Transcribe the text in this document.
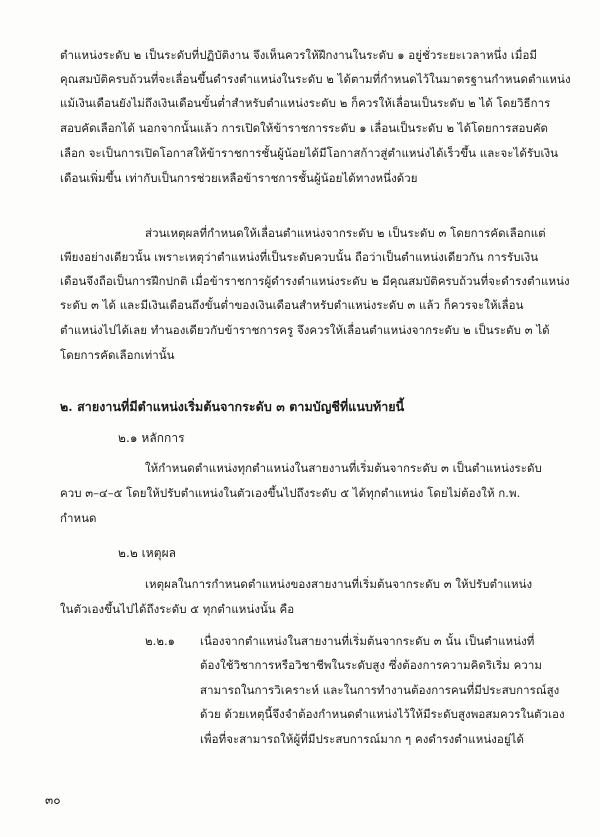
ตำแหน่งระดับ ๒ เป็นระดับที่ปฏิบัติงาน จึงเห็นควรให้ฝึกงานในระดับ ๑ อยู่ชั่วระยะเวลาหนึ่ง เมื่อมี
คุณสมบัติครบถ้วนที่จะเลื่อนขึ้นดำรงตำแหน่งในระดับ ๒ ได้ตามที่กำหนดไว้ในมาตรฐานกำหนดตำแหน่ง
แม้เงินเดือนยังไม่ถึงเงินเดือนขั้นต่ำสำหรับตำแหน่งระดับ ๒ ก็ควรให้เลื่อนเป็นระดับ ๒ ได้ โดยวิธีการ
สอบคัดเลือกได้ นอกจากนั้นแล้ว การเปิดให้ข้าราชการระดับ ๑ เลื่อนเป็นระดับ ๒ ได้โดยการสอบคัด
เลือก จะเป็นการเปิดโอกาสให้ข้าราชการชั้นผู้น้อยได้มีโอกาสก้าวสู่ตำแหน่งได้เร็วขึ้น และจะได้รับเงิน
เดือนเพิ่มขึ้น เท่ากับเป็นการช่วยเหลือข้าราชการชั้นผู้น้อยได้ทางหนึ่งด้วย
ส่วนเหตุผลที่กำหนดให้เลื่อนตำแหน่งจากระดับ ๒ เป็นระดับ ๓ โดยการคัดเลือกแต่
เพียงอย่างเดียวนั้น เพราะเหตุว่าตำแหน่งที่เป็นระดับควบนั้น ถือว่าเป็นตำแหน่งเดียวกัน การรับเงิน
เดือนจึงถือเป็นการฝึกปกติ เมื่อข้าราชการผู้ดำรงตำแหน่งระดับ ๒ มีคุณสมบัติครบถ้วนที่จะดำรงตำแหน่ง
ระดับ ๓ ได้ และมีเงินเดือนถึงขั้นต่ำของเงินเดือนสำหรับตำแหน่งระดับ ๓ แล้ว ก็ควรจะให้เลื่อน
ตำแหน่งไปได้เลย ทำนองเดียวกับข้าราชการครู จึงควรให้เลื่อนตำแหน่งจากระดับ ๒ เป็นระดับ ๓ ได้
โดยการคัดเลือกเท่านั้น
๒. สายงานที่มีตำแหน่งเริ่มต้นจากระดับ ๓ ตามบัญชีที่แนบท้ายนี้
๒.๑ หลักการ
ให้กำหนดตำแหน่งทุกตำแหน่งในสายงานที่เริ่มต้นจากระดับ ๓ เป็นตำแหน่งระดับ
ควบ ๓–๔–๕ โดยให้ปรับตำแหน่งในตัวเองขึ้นไปถึงระดับ ๕ ได้ทุกตำแหน่ง โดยไม่ต้องให้ ก.พ.
กำหนด
๒.๒ เหตุผล
เหตุผลในการกำหนดตำแหน่งของสายงานที่เริ่มต้นจากระดับ ๓ ให้ปรับตำแหน่ง
ในตัวเองขึ้นไปได้ถึงระดับ ๕ ทุกตำแหน่งนั้น คือ
๒.๒.๑ เนื่องจากตำแหน่งในสายงานที่เริ่มต้นจากระดับ ๓ นั้น เป็นตำแหน่งที่
ต้องใช้วิชาการหรือวิชาชีพในระดับสูง ซึ่งต้องการความคิดริเริ่ม ความ
สามารถในการวิเคราะห์ และในการทำงานต้องการคนที่มีประสบการณ์สูง
ด้วย ด้วยเหตุนี้จึงจำต้องกำหนดตำแหน่งไว้ให้มีระดับสูงพอสมควรในตัวเอง
เพื่อที่จะสามารถให้ผู้ที่มีประสบการณ์มาก ๆ คงดำรงตำแหน่งอยู่ได้
๓๐
